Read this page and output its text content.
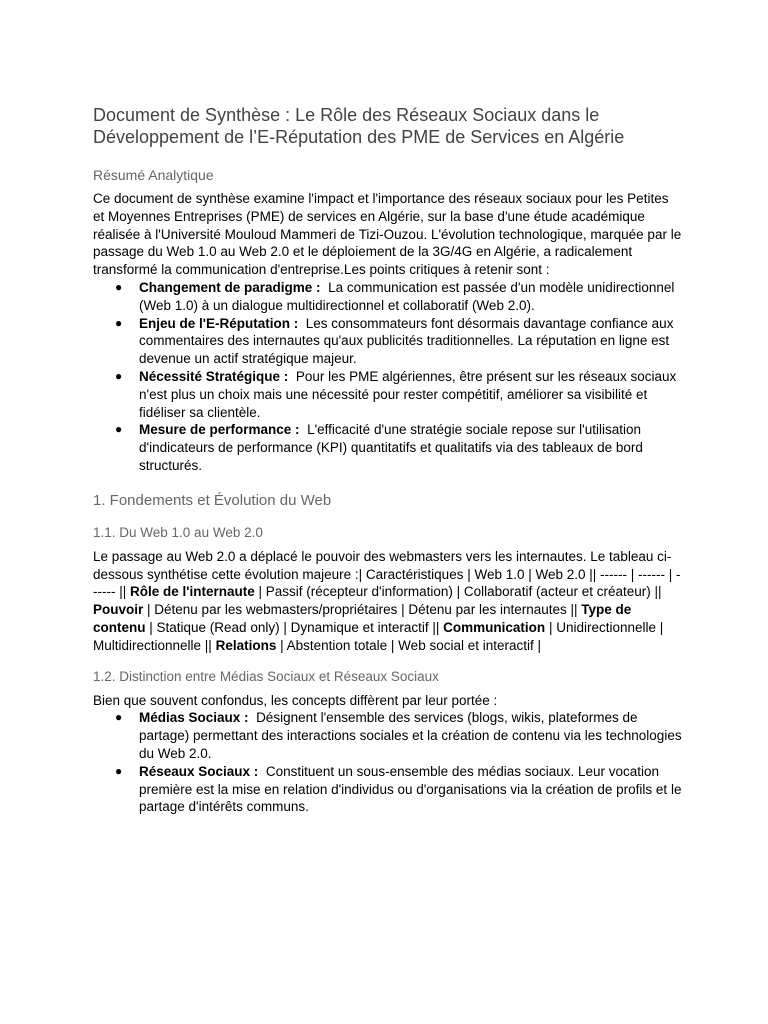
Document de Synthèse : Le Rôle des Réseaux Sociaux dans le Développement de l’E-Réputation des PME de Services en Algérie
Résumé Analytique

Ce document de synthèse examine l'impact et l'importance des réseaux sociaux pour les Petites et Moyennes Entreprises (PME) de services en Algérie, sur la base d'une étude académique réalisée à l'Université Mouloud Mammeri de Tizi-Ouzou. L'évolution technologique, marquée par le passage du Web 1.0 au Web 2.0 et le déploiement de la 3G/4G en Algérie, a radicalement transformé la communication d'entreprise.Les points critiques à retenir sont :

● Changement de paradigme : La communication est passée d'un modèle unidirectionnel (Web 1.0) à un dialogue multidirectionnel et collaboratif (Web 2.0).
● Enjeu de l'E-Réputation : Les consommateurs font désormais davantage confiance aux commentaires des internautes qu'aux publicités traditionnelles. La réputation en ligne est devenue un actif stratégique majeur.
● Nécessité Stratégique : Pour les PME algériennes, être présent sur les réseaux sociaux n'est plus un choix mais une nécessité pour rester compétitif, améliorer sa visibilité et fidéliser sa clientèle.
● Mesure de performance : L'efficacité d'une stratégie sociale repose sur l'utilisation d'indicateurs de performance (KPI) quantitatifs et qualitatifs via des tableaux de bord structurés.
1. Fondements et Évolution du Web
1.1. Du Web 1.0 au Web 2.0

Le passage au Web 2.0 a déplacé le pouvoir des webmasters vers les internautes. Le tableau ci-dessous synthétise cette évolution majeure :| Caractéristiques | Web 1.0 | Web 2.0 || ------ | ------ | ------ || Rôle de l'internaute | Passif (récepteur d'information) | Collaboratif (acteur et créateur) || Pouvoir | Détenu par les webmasters/propriétaires | Détenu par les internautes || Type de contenu | Statique (Read only) | Dynamique et interactif || Communication | Unidirectionnelle | Multidirectionnelle || Relations | Abstention totale | Web social et interactif |

1.2. Distinction entre Médias Sociaux et Réseaux Sociaux

Bien que souvent confondus, les concepts diffèrent par leur portée :

● Médias Sociaux : Désignent l'ensemble des services (blogs, wikis, plateformes de partage) permettant des interactions sociales et la création de contenu via les technologies du Web 2.0.
● Réseaux Sociaux : Constituent un sous-ensemble des médias sociaux. Leur vocation première est la mise en relation d'individus ou d'organisations via la création de profils et le partage d'intérêts communs.
